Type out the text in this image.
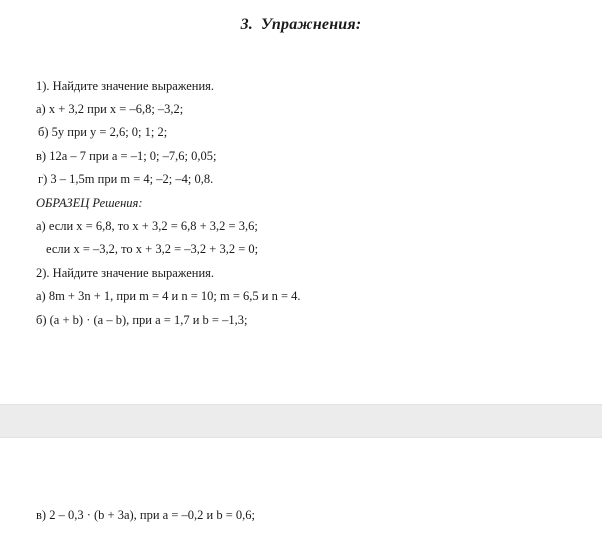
3. Упражнения:
1). Найдите значение выражения.
а) x + 3,2 при x = –6,8; –3,2;
б) 5y при y = 2,6; 0; 1; 2;
в) 12a – 7 при a = –1; 0; –7,6; 0,05;
г) 3 – 1,5m при m = 4; –2; –4; 0,8.
ОБРАЗЕЦ Решения:
а) если x = 6,8, то x + 3,2 = 6,8 + 3,2 = 3,6;
если x = –3,2, то x + 3,2 = –3,2 + 3,2 = 0;
2). Найдите значение выражения.
а) 8m + 3n + 1, при m = 4 и n = 10; m = 6,5 и n = 4.
б) (a + b) · (a – b), при a = 1,7 и b = –1,3;
в) 2 – 0,3 · (b + 3a), при a = –0,2 и b = 0,6;
